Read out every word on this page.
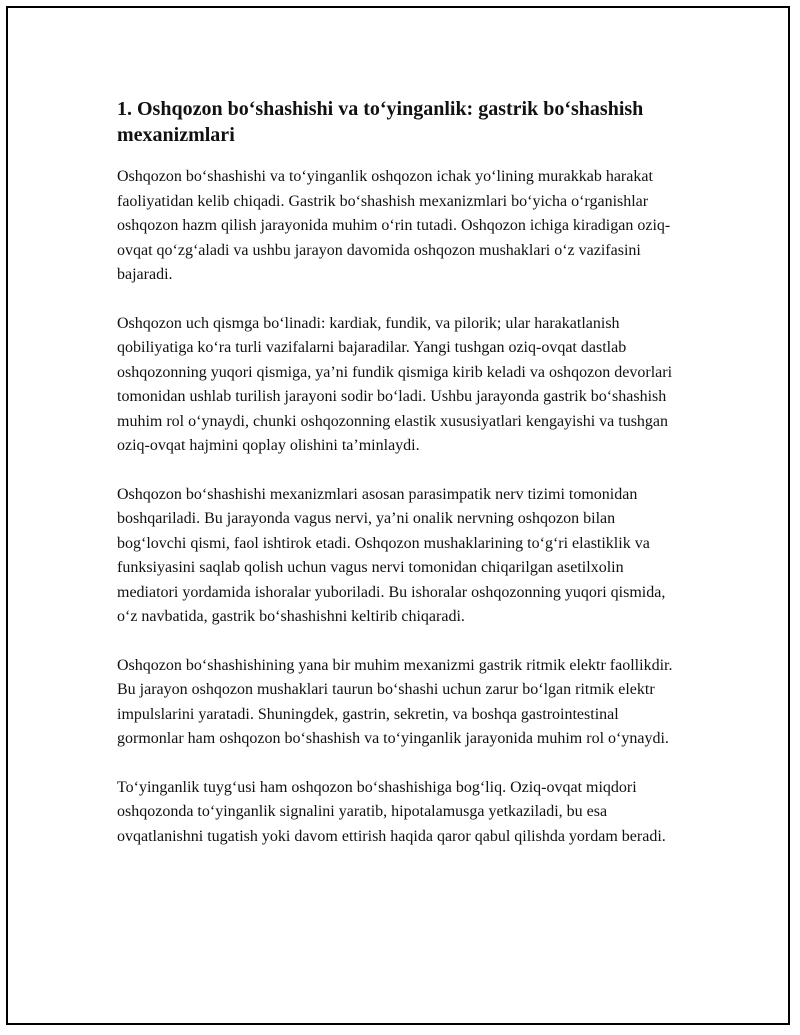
1. Oshqozon bo‘shashishi va to‘yinganlik: gastrik bo‘shashish mexanizmlari

Oshqozon bo‘shashishi va to‘yinganlik oshqozon ichak yo‘lining murakkab harakat faoliyatidan kelib chiqadi. Gastrik bo‘shashish mexanizmlari bo‘yicha o‘rganishlar oshqozon hazm qilish jarayonida muhim o‘rin tutadi. Oshqozon ichiga kiradigan oziq-ovqat qo‘zg‘aladi va ushbu jarayon davomida oshqozon mushaklari o‘z vazifasini bajaradi.

Oshqozon uch qismga bo‘linadi: kardiak, fundik, va pilorik; ular harakatlanish qobiliyatiga ko‘ra turli vazifalarni bajaradilar. Yangi tushgan oziq-ovqat dastlab oshqozonning yuqori qismiga, ya’ni fundik qismiga kirib keladi va oshqozon devorlari tomonidan ushlab turilish jarayoni sodir bo‘ladi. Ushbu jarayonda gastrik bo‘shashish muhim rol o‘ynaydi, chunki oshqozonning elastik xususiyatlari kengayishi va tushgan oziq-ovqat hajmini qoplay olishini ta’minlaydi.

Oshqozon bo‘shashishi mexanizmlari asosan parasimpatik nerv tizimi tomonidan boshqariladi. Bu jarayonda vagus nervi, ya’ni onalik nervning oshqozon bilan bog‘lovchi qismi, faol ishtirok etadi. Oshqozon mushaklarining to‘g‘ri elastiklik va funksiyasini saqlab qolish uchun vagus nervi tomonidan chiqarilgan asetilxolin mediatori yordamida ishoralar yuboriladi. Bu ishoralar oshqozonning yuqori qismida, o‘z navbatida, gastrik bo‘shashishni keltirib chiqaradi.

Oshqozon bo‘shashishining yana bir muhim mexanizmi gastrik ritmik elektr faollikdir. Bu jarayon oshqozon mushaklari taurun bo‘shashi uchun zarur bo‘lgan ritmik elektr impulslarini yaratadi. Shuningdek, gastrin, sekretin, va boshqa gastrointestinal gormonlar ham oshqozon bo‘shashish va to‘yinganlik jarayonida muhim rol o‘ynaydi.

To‘yinganlik tuyg‘usi ham oshqozon bo‘shashishiga bog‘liq. Oziq-ovqat miqdori oshqozonda to‘yinganlik signalini yaratib, hipotalamusga yetkaziladi, bu esa ovqatlanishni tugatish yoki davom ettirish haqida qaror qabul qilishda yordam beradi.
